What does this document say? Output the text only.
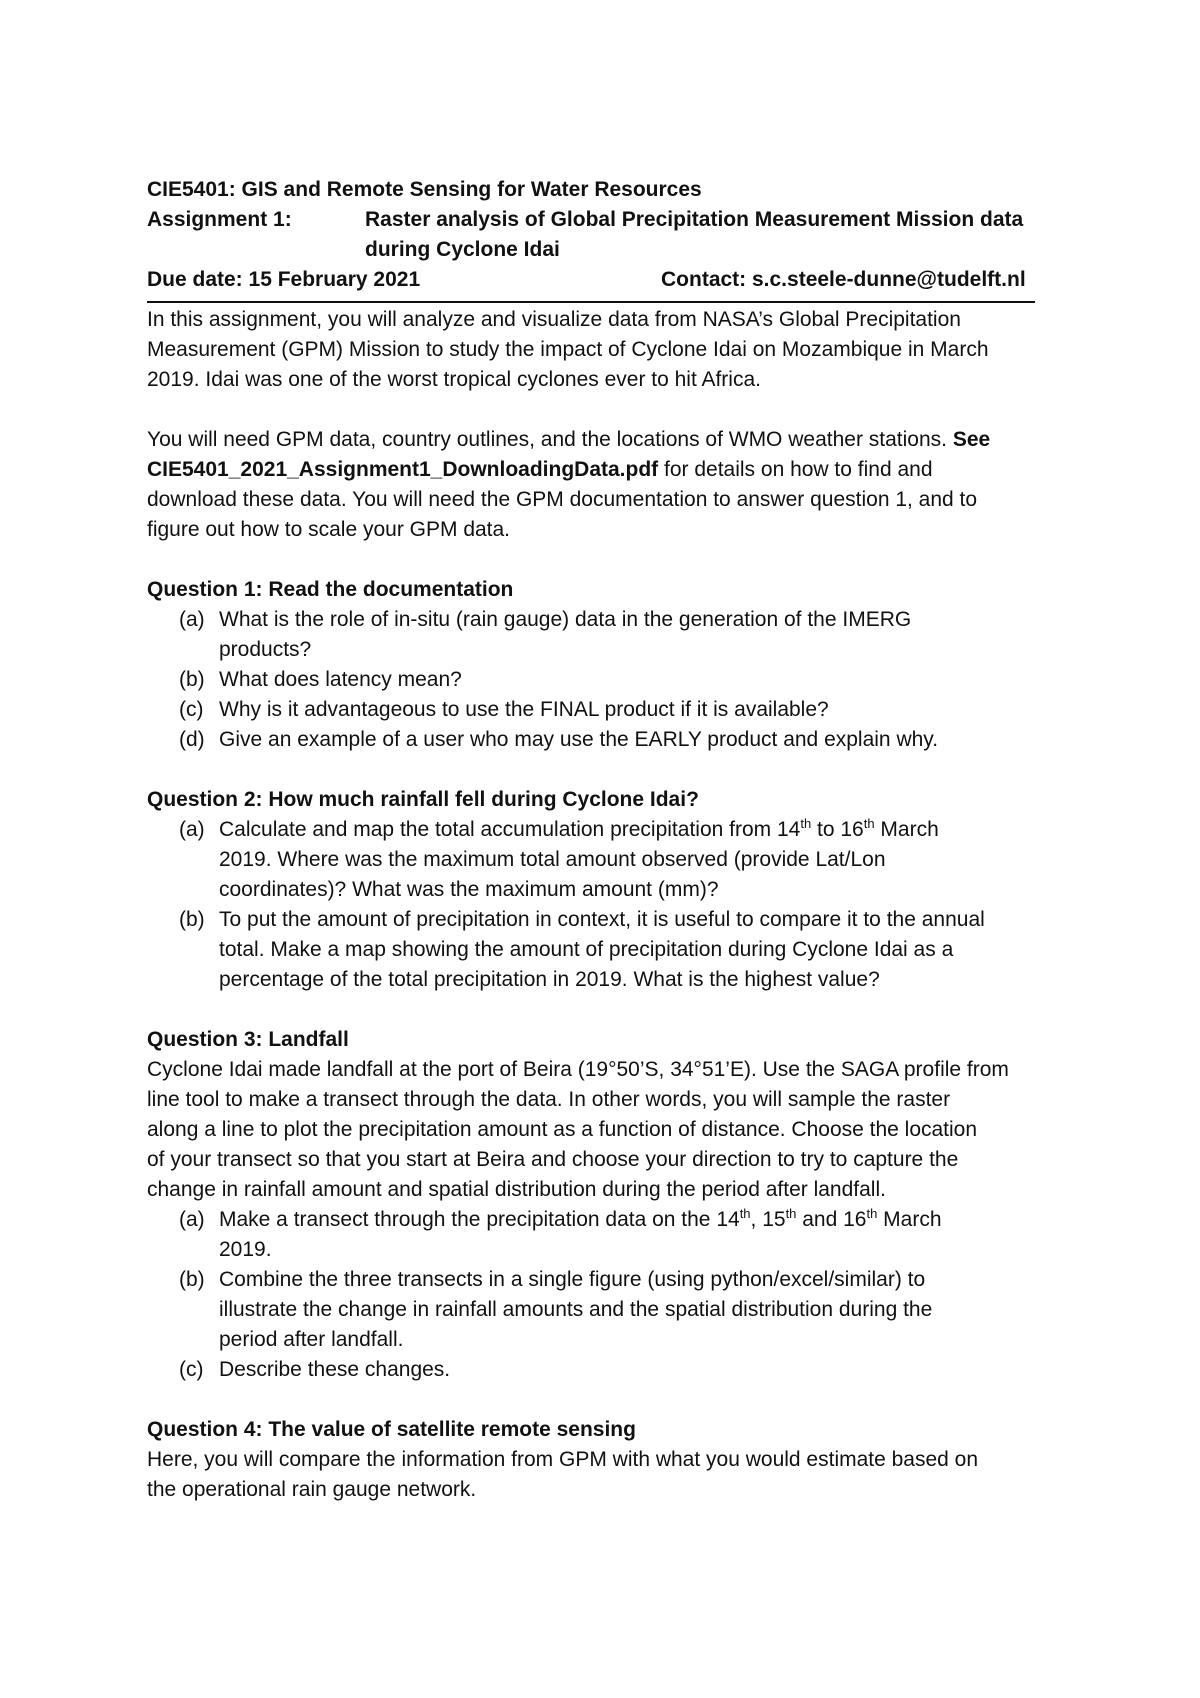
CIE5401: GIS and Remote Sensing for Water Resources
Assignment 1:	Raster analysis of Global Precipitation Measurement Mission data
during Cyclone Idai
Due date: 15 February 2021	Contact: s.c.steele-dunne@tudelft.nl
In this assignment, you will analyze and visualize data from NASA’s Global Precipitation
Measurement (GPM) Mission to study the impact of Cyclone Idai on Mozambique in March
2019. Idai was one of the worst tropical cyclones ever to hit Africa.
You will need GPM data, country outlines, and the locations of WMO weather stations. See
CIE5401_2021_Assignment1_DownloadingData.pdf for details on how to find and
download these data. You will need the GPM documentation to answer question 1, and to
figure out how to scale your GPM data.
Question 1: Read the documentation
(a) What is the role of in-situ (rain gauge) data in the generation of the IMERG
products?
(b) What does latency mean?
(c) Why is it advantageous to use the FINAL product if it is available?
(d) Give an example of a user who may use the EARLY product and explain why.
Question 2: How much rainfall fell during Cyclone Idai?
(a) Calculate and map the total accumulation precipitation from 14th to 16th March
2019. Where was the maximum total amount observed (provide Lat/Lon
coordinates)? What was the maximum amount (mm)?
(b) To put the amount of precipitation in context, it is useful to compare it to the annual
total. Make a map showing the amount of precipitation during Cyclone Idai as a
percentage of the total precipitation in 2019. What is the highest value?
Question 3: Landfall
Cyclone Idai made landfall at the port of Beira (19°50’S, 34°51’E). Use the SAGA profile from
line tool to make a transect through the data. In other words, you will sample the raster
along a line to plot the precipitation amount as a function of distance. Choose the location
of your transect so that you start at Beira and choose your direction to try to capture the
change in rainfall amount and spatial distribution during the period after landfall.
(a) Make a transect through the precipitation data on the 14th, 15th and 16th March
2019.
(b) Combine the three transects in a single figure (using python/excel/similar) to
illustrate the change in rainfall amounts and the spatial distribution during the
period after landfall.
(c) Describe these changes.
Question 4: The value of satellite remote sensing
Here, you will compare the information from GPM with what you would estimate based on
the operational rain gauge network.
